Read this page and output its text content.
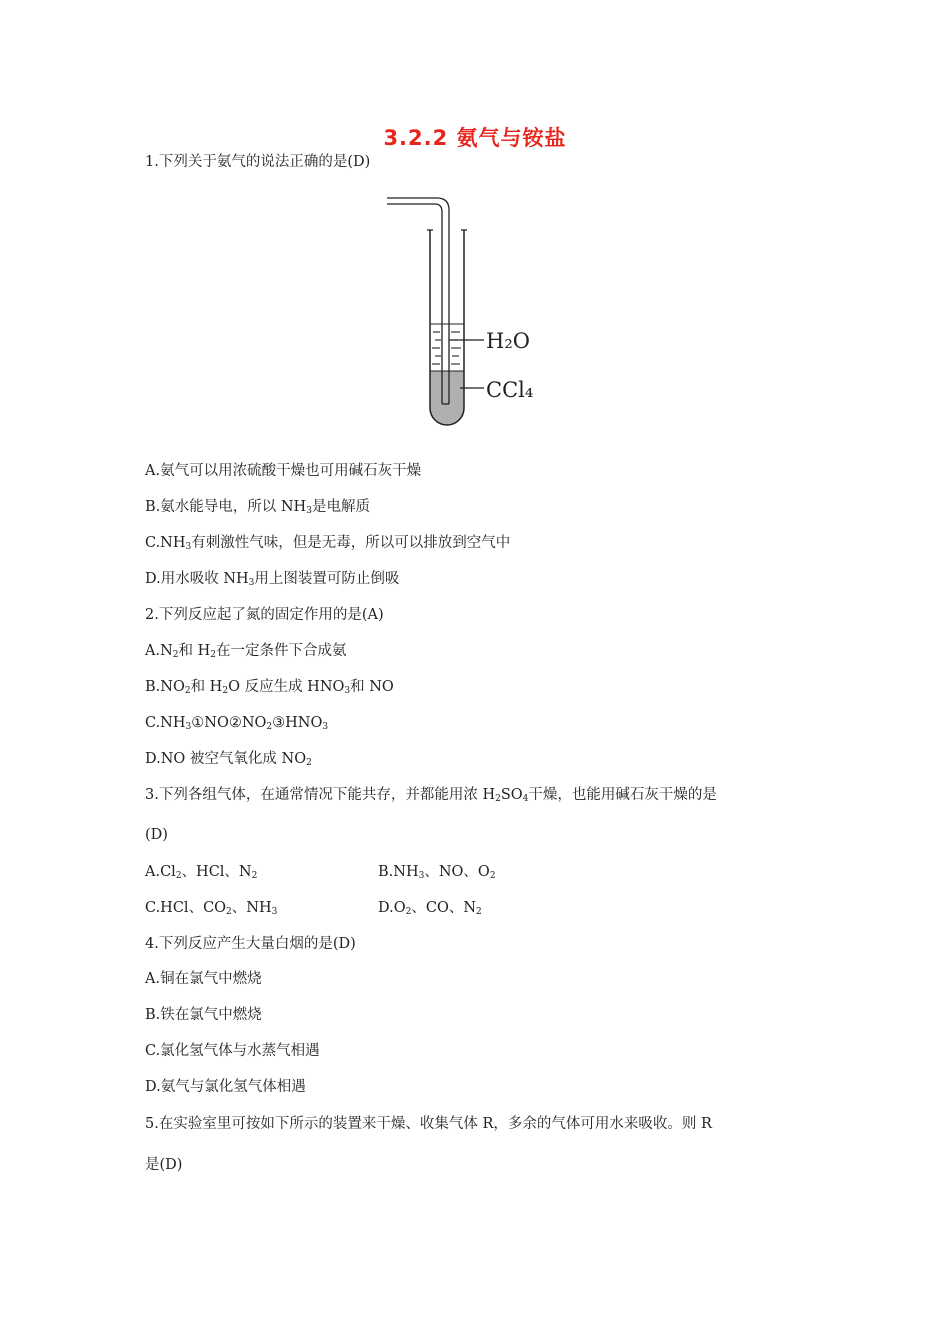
3.2.2 氨气与铵盐
1.下列关于氨气的说法正确的是(D)
H₂O
CCl₄
A.氨气可以用浓硫酸干燥也可用碱石灰干燥
B.氨水能导电，所以 $NH_3$是电解质
$C.NH_3$有刺激性气味，但是无毒，所以可以排放到空气中
D.用水吸收 $NH_3$用上图装置可防止倒吸
2.下列反应起了氮的固定作用的是(A)
$A.N_2$和 $H_2$在一定条件下合成氨
$B.NO_2$和 $H_2O$ 反应生成 $HNO_3$和 NO
$C.NH_3①NO②NO_2③HNO_3$
D.NO 被空气氧化成 $NO_2$
3.下列各组气体，在通常情况下能共存，并都能用浓 $H_2SO_4$干燥，也能用碱石灰干燥的是
(D)
$A.Cl_2$、HCl、$N_2$	$B.NH_3$、NO、$O_2$
C.HCl、$CO_2$、$NH_3$	$D.O_2$、CO、$N_2$
4.下列反应产生大量白烟的是(D)
A.铜在氯气中燃烧
B.铁在氯气中燃烧
C.氯化氢气体与水蒸气相遇
D.氨气与氯化氢气体相遇
5.在实验室里可按如下所示的装置来干燥、收集气体 R，多余的气体可用水来吸收。则 R
是(D)
